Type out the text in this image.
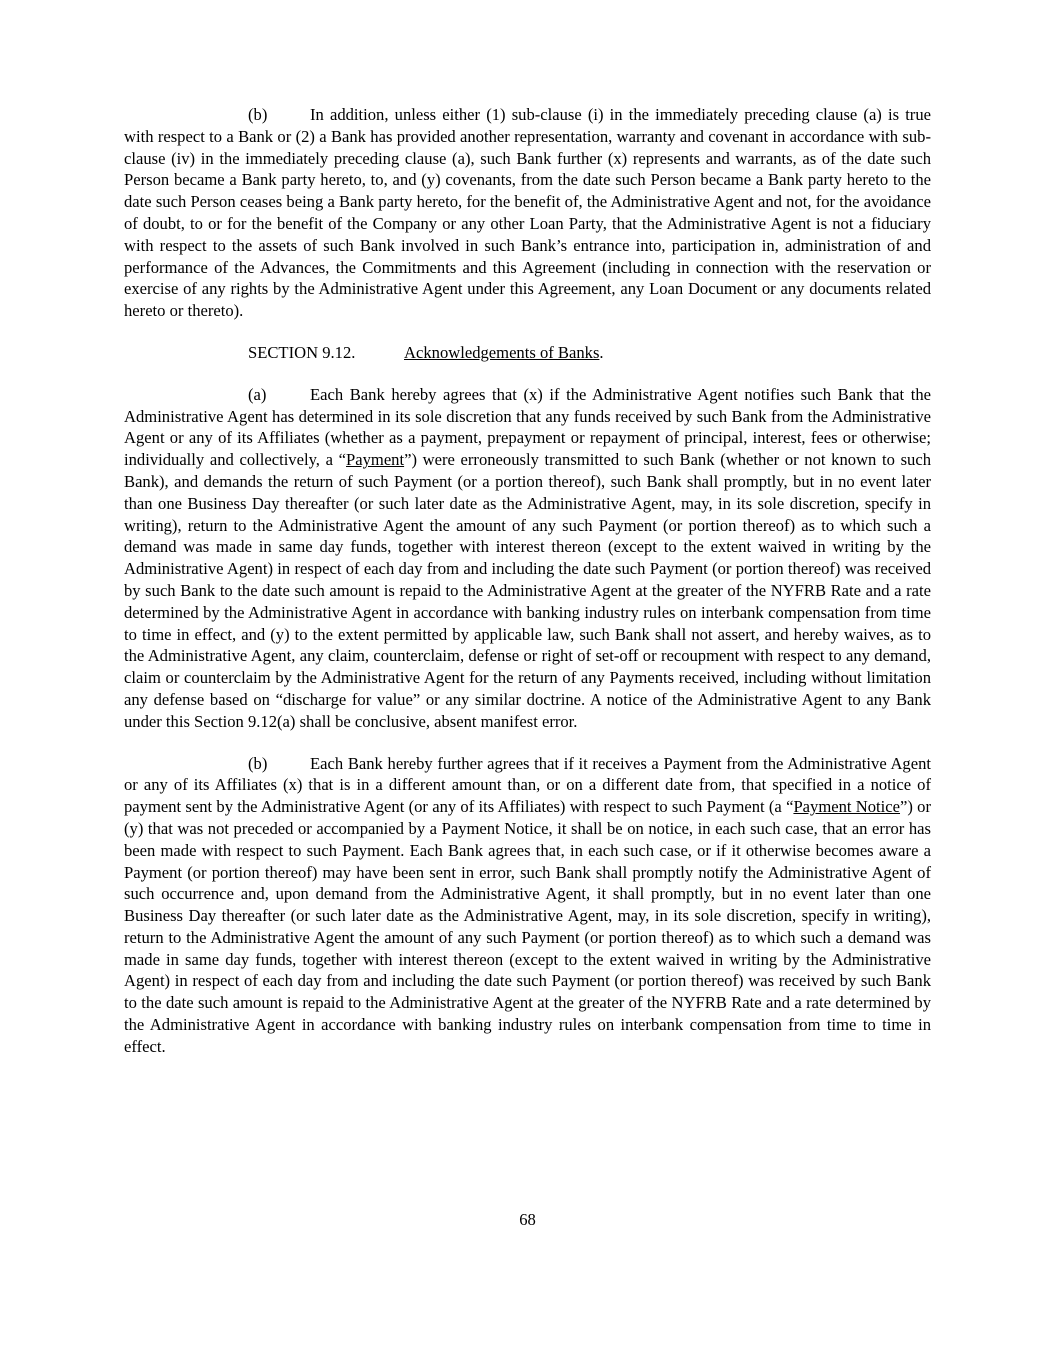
(b)	In addition, unless either (1) sub-clause (i) in the immediately preceding clause (a) is true with respect to a Bank or (2) a Bank has provided another representation, warranty and covenant in accordance with sub-clause (iv) in the immediately preceding clause (a), such Bank further (x) represents and warrants, as of the date such Person became a Bank party hereto, to, and (y) covenants, from the date such Person became a Bank party hereto to the date such Person ceases being a Bank party hereto, for the benefit of, the Administrative Agent and not, for the avoidance of doubt, to or for the benefit of the Company or any other Loan Party, that the Administrative Agent is not a fiduciary with respect to the assets of such Bank involved in such Bank’s entrance into, participation in, administration of and performance of the Advances, the Commitments and this Agreement (including in connection with the reservation or exercise of any rights by the Administrative Agent under this Agreement, any Loan Document or any documents related hereto or thereto).

SECTION 9.12.	Acknowledgements of Banks.

(a)	Each Bank hereby agrees that (x) if the Administrative Agent notifies such Bank that the Administrative Agent has determined in its sole discretion that any funds received by such Bank from the Administrative Agent or any of its Affiliates (whether as a payment, prepayment or repayment of principal, interest, fees or otherwise; individually and collectively, a “Payment”) were erroneously transmitted to such Bank (whether or not known to such Bank), and demands the return of such Payment (or a portion thereof), such Bank shall promptly, but in no event later than one Business Day thereafter (or such later date as the Administrative Agent, may, in its sole discretion, specify in writing), return to the Administrative Agent the amount of any such Payment (or portion thereof) as to which such a demand was made in same day funds, together with interest thereon (except to the extent waived in writing by the Administrative Agent) in respect of each day from and including the date such Payment (or portion thereof) was received by such Bank to the date such amount is repaid to the Administrative Agent at the greater of the NYFRB Rate and a rate determined by the Administrative Agent in accordance with banking industry rules on interbank compensation from time to time in effect, and (y) to the extent permitted by applicable law, such Bank shall not assert, and hereby waives, as to the Administrative Agent, any claim, counterclaim, defense or right of set-off or recoupment with respect to any demand, claim or counterclaim by the Administrative Agent for the return of any Payments received, including without limitation any defense based on “discharge for value” or any similar doctrine. A notice of the Administrative Agent to any Bank under this Section 9.12(a) shall be conclusive, absent manifest error.

(b)	Each Bank hereby further agrees that if it receives a Payment from the Administrative Agent or any of its Affiliates (x) that is in a different amount than, or on a different date from, that specified in a notice of payment sent by the Administrative Agent (or any of its Affiliates) with respect to such Payment (a “Payment Notice”) or (y) that was not preceded or accompanied by a Payment Notice, it shall be on notice, in each such case, that an error has been made with respect to such Payment. Each Bank agrees that, in each such case, or if it otherwise becomes aware a Payment (or portion thereof) may have been sent in error, such Bank shall promptly notify the Administrative Agent of such occurrence and, upon demand from the Administrative Agent, it shall promptly, but in no event later than one Business Day thereafter (or such later date as the Administrative Agent, may, in its sole discretion, specify in writing), return to the Administrative Agent the amount of any such Payment (or portion thereof) as to which such a demand was made in same day funds, together with interest thereon (except to the extent waived in writing by the Administrative Agent) in respect of each day from and including the date such Payment (or portion thereof) was received by such Bank to the date such amount is repaid to the Administrative Agent at the greater of the NYFRB Rate and a rate determined by the Administrative Agent in accordance with banking industry rules on interbank compensation from time to time in effect.

68
